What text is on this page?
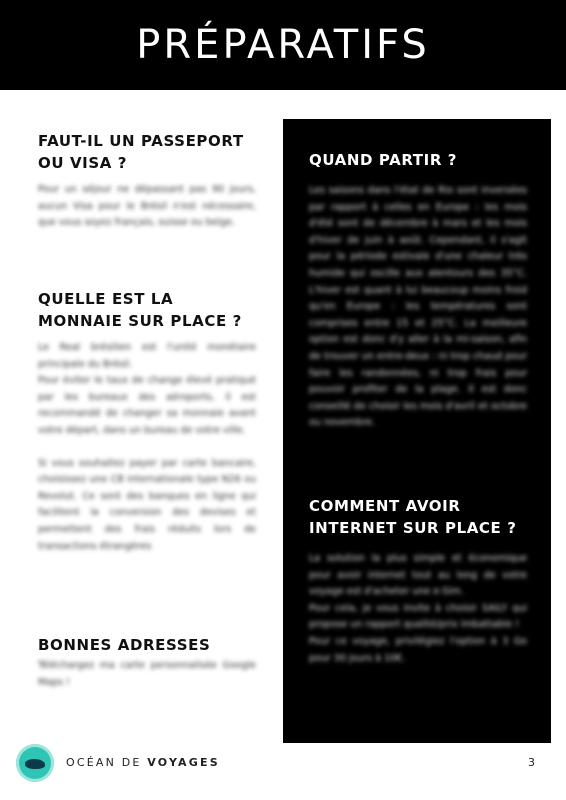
PRÉPARATIFS
FAUT-IL UN PASSEPORT OU VISA ?

Pour un séjour ne dépassant pas 90 jours, aucun Visa pour le Brésil n'est nécessaire, que vous soyez français, suisse ou belge.

QUELLE EST LA MONNAIE SUR PLACE ?

Le Real brésilien est l'unité monétaire principale du Brésil.

Pour éviter le taux de change élevé pratiqué par les bureaux des aéroports, il est recommandé de changer sa monnaie avant votre départ, dans un bureau de votre ville.

Si vous souhaitez payer par carte bancaire, choisissez une CB internationale type N26 ou Revolut. Ce sont des banques en ligne qui facilitent la conversion des devises et permettent des frais réduits lors de transactions étrangères

BONNES ADRESSES

Téléchargez ma carte personnalisée Google Maps !

QUAND PARTIR ?

Les saisons dans l'état de Rio sont inversées par rapport à celles en Europe : les mois d'été sont de décembre à mars et les mois d'hiver de juin à août. Cependant, il s'agit pour la période estivale d'une chaleur très humide qui oscille aux alentours des 35°C. L'hiver est quant à lui beaucoup moins froid qu'en Europe : les températures sont comprises entre 15 et 25°C. La meilleure option est donc d'y aller à la mi-saison, afin de trouver un entre-deux : ni trop chaud pour faire les randonnées, ni trop frais pour pouvoir profiter de la plage. Il est donc conseillé de choisir les mois d'avril et octobre ou novembre.

COMMENT AVOIR INTERNET SUR PLACE ?

La solution la plus simple et économique pour avoir internet tout au long de votre voyage est d'acheter une e-Sim.

Pour cela, je vous invite à choisir SAILY qui propose un rapport qualité/prix imbattable !

Pour ce voyage, privilégiez l'option à 3 Go pour 30 jours à 10€.

OCÉAN DE VOYAGES	3
